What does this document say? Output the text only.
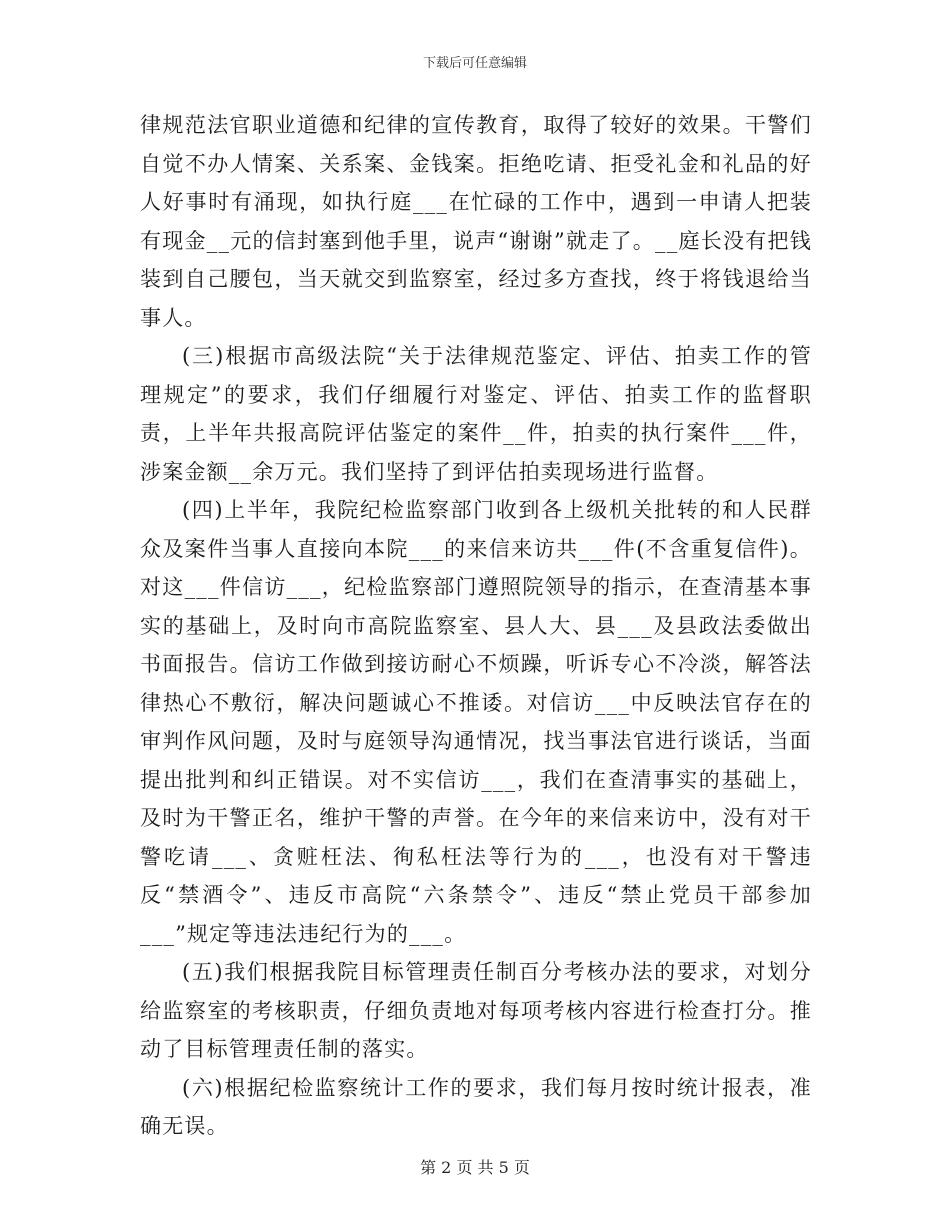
下载后可任意编辑

律规范法官职业道德和纪律的宣传教育，取得了较好的效果。干警们自觉不办人情案、关系案、金钱案。拒绝吃请、拒受礼金和礼品的好人好事时有涌现，如执行庭___在忙碌的工作中，遇到一申请人把装有现金__元的信封塞到他手里，说声“谢谢”就走了。__庭长没有把钱装到自己腰包，当天就交到监察室，经过多方查找，终于将钱退给当事人。

(三)根据市高级法院“关于法律规范鉴定、评估、拍卖工作的管理规定”的要求，我们仔细履行对鉴定、评估、拍卖工作的监督职责，上半年共报高院评估鉴定的案件__件，拍卖的执行案件___件，涉案金额__余万元。我们坚持了到评估拍卖现场进行监督。

(四)上半年，我院纪检监察部门收到各上级机关批转的和人民群众及案件当事人直接向本院___的来信来访共___件(不含重复信件)。对这___件信访___，纪检监察部门遵照院领导的指示，在查清基本事实的基础上，及时向市高院监察室、县人大、县___及县政法委做出书面报告。信访工作做到接访耐心不烦躁，听诉专心不冷淡，解答法律热心不敷衍，解决问题诚心不推诿。对信访___中反映法官存在的审判作风问题，及时与庭领导沟通情况，找当事法官进行谈话，当面提出批判和纠正错误。对不实信访___，我们在查清事实的基础上，及时为干警正名，维护干警的声誉。在今年的来信来访中，没有对干警吃请___、贪赃枉法、徇私枉法等行为的___，也没有对干警违反“禁酒令”、违反市高院“六条禁令”、违反“禁止党员干部参加___”规定等违法违纪行为的___。

(五)我们根据我院目标管理责任制百分考核办法的要求，对划分给监察室的考核职责，仔细负责地对每项考核内容进行检查打分。推动了目标管理责任制的落实。

(六)根据纪检监察统计工作的要求，我们每月按时统计报表，准确无误。

第 2 页 共 5 页
